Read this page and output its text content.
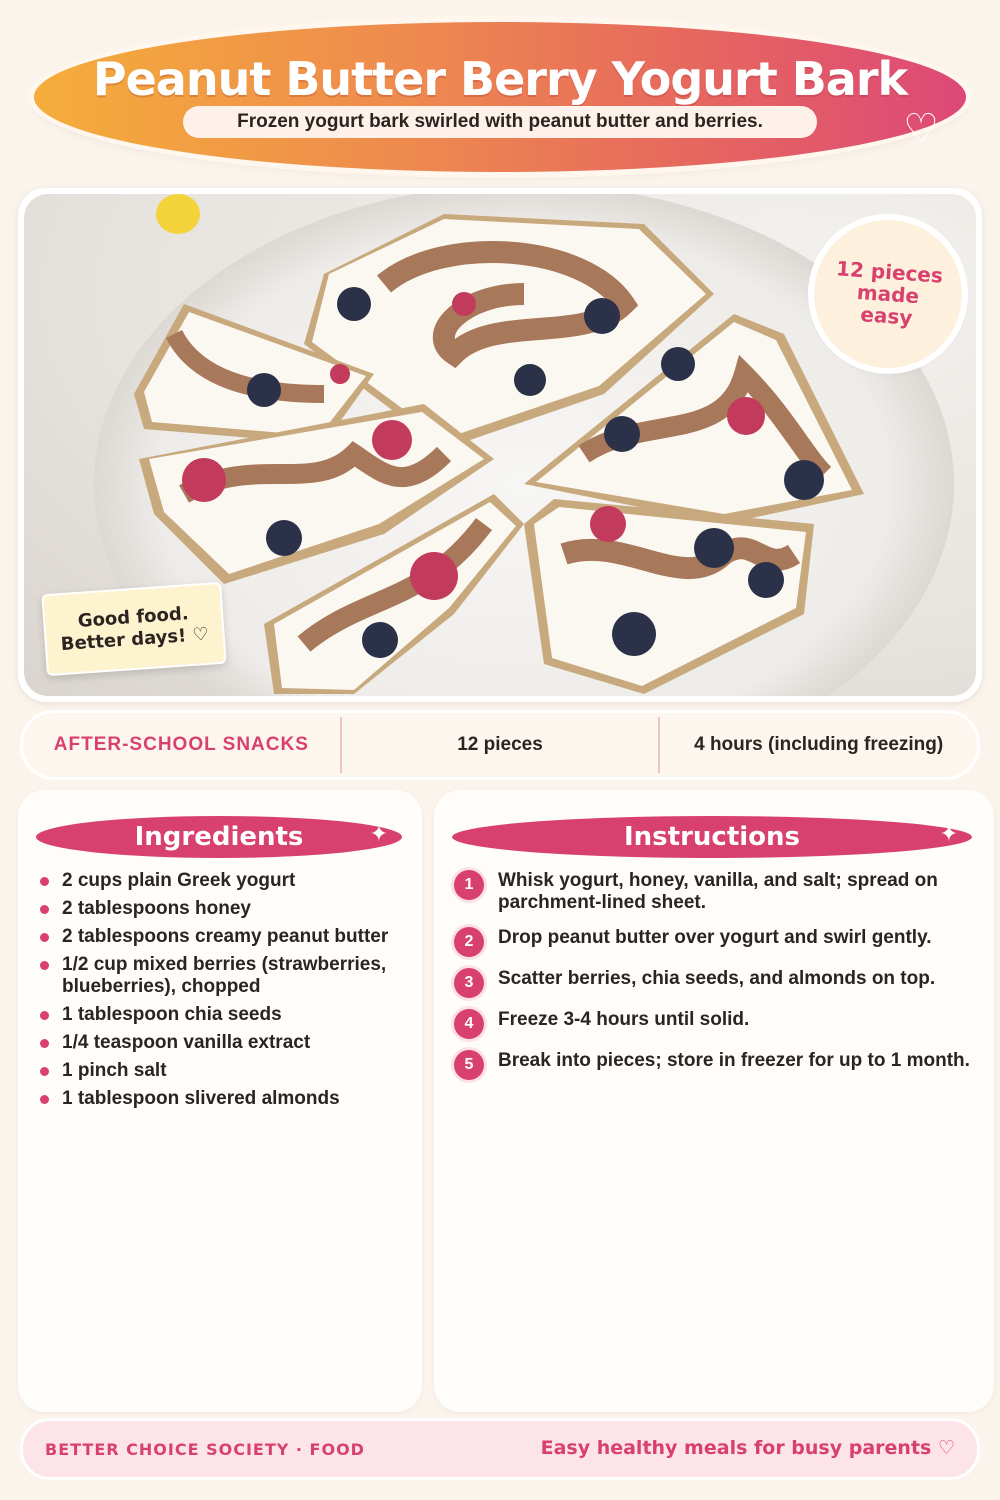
Peanut Butter Berry Yogurt Bark
Frozen yogurt bark swirled with peanut butter and berries.	♡
12 pieces made easy
Good food.
Better days! ♡
AFTER-SCHOOL SNACKS	12 pieces	4 hours (including freezing)
Ingredients	✦
2 cups plain Greek yogurt
2 tablespoons honey
2 tablespoons creamy peanut butter
1/2 cup mixed berries (strawberries, blueberries), chopped
1 tablespoon chia seeds
1/4 teaspoon vanilla extract
1 pinch salt
1 tablespoon slivered almonds
Instructions	✦
1	Whisk yogurt, honey, vanilla, and salt; spread on parchment-lined sheet.
2	Drop peanut butter over yogurt and swirl gently.
3	Scatter berries, chia seeds, and almonds on top.
4	Freeze 3-4 hours until solid.
5	Break into pieces; store in freezer for up to 1 month.
BETTER CHOICE SOCIETY · FOOD	Easy healthy meals for busy parents ♡
